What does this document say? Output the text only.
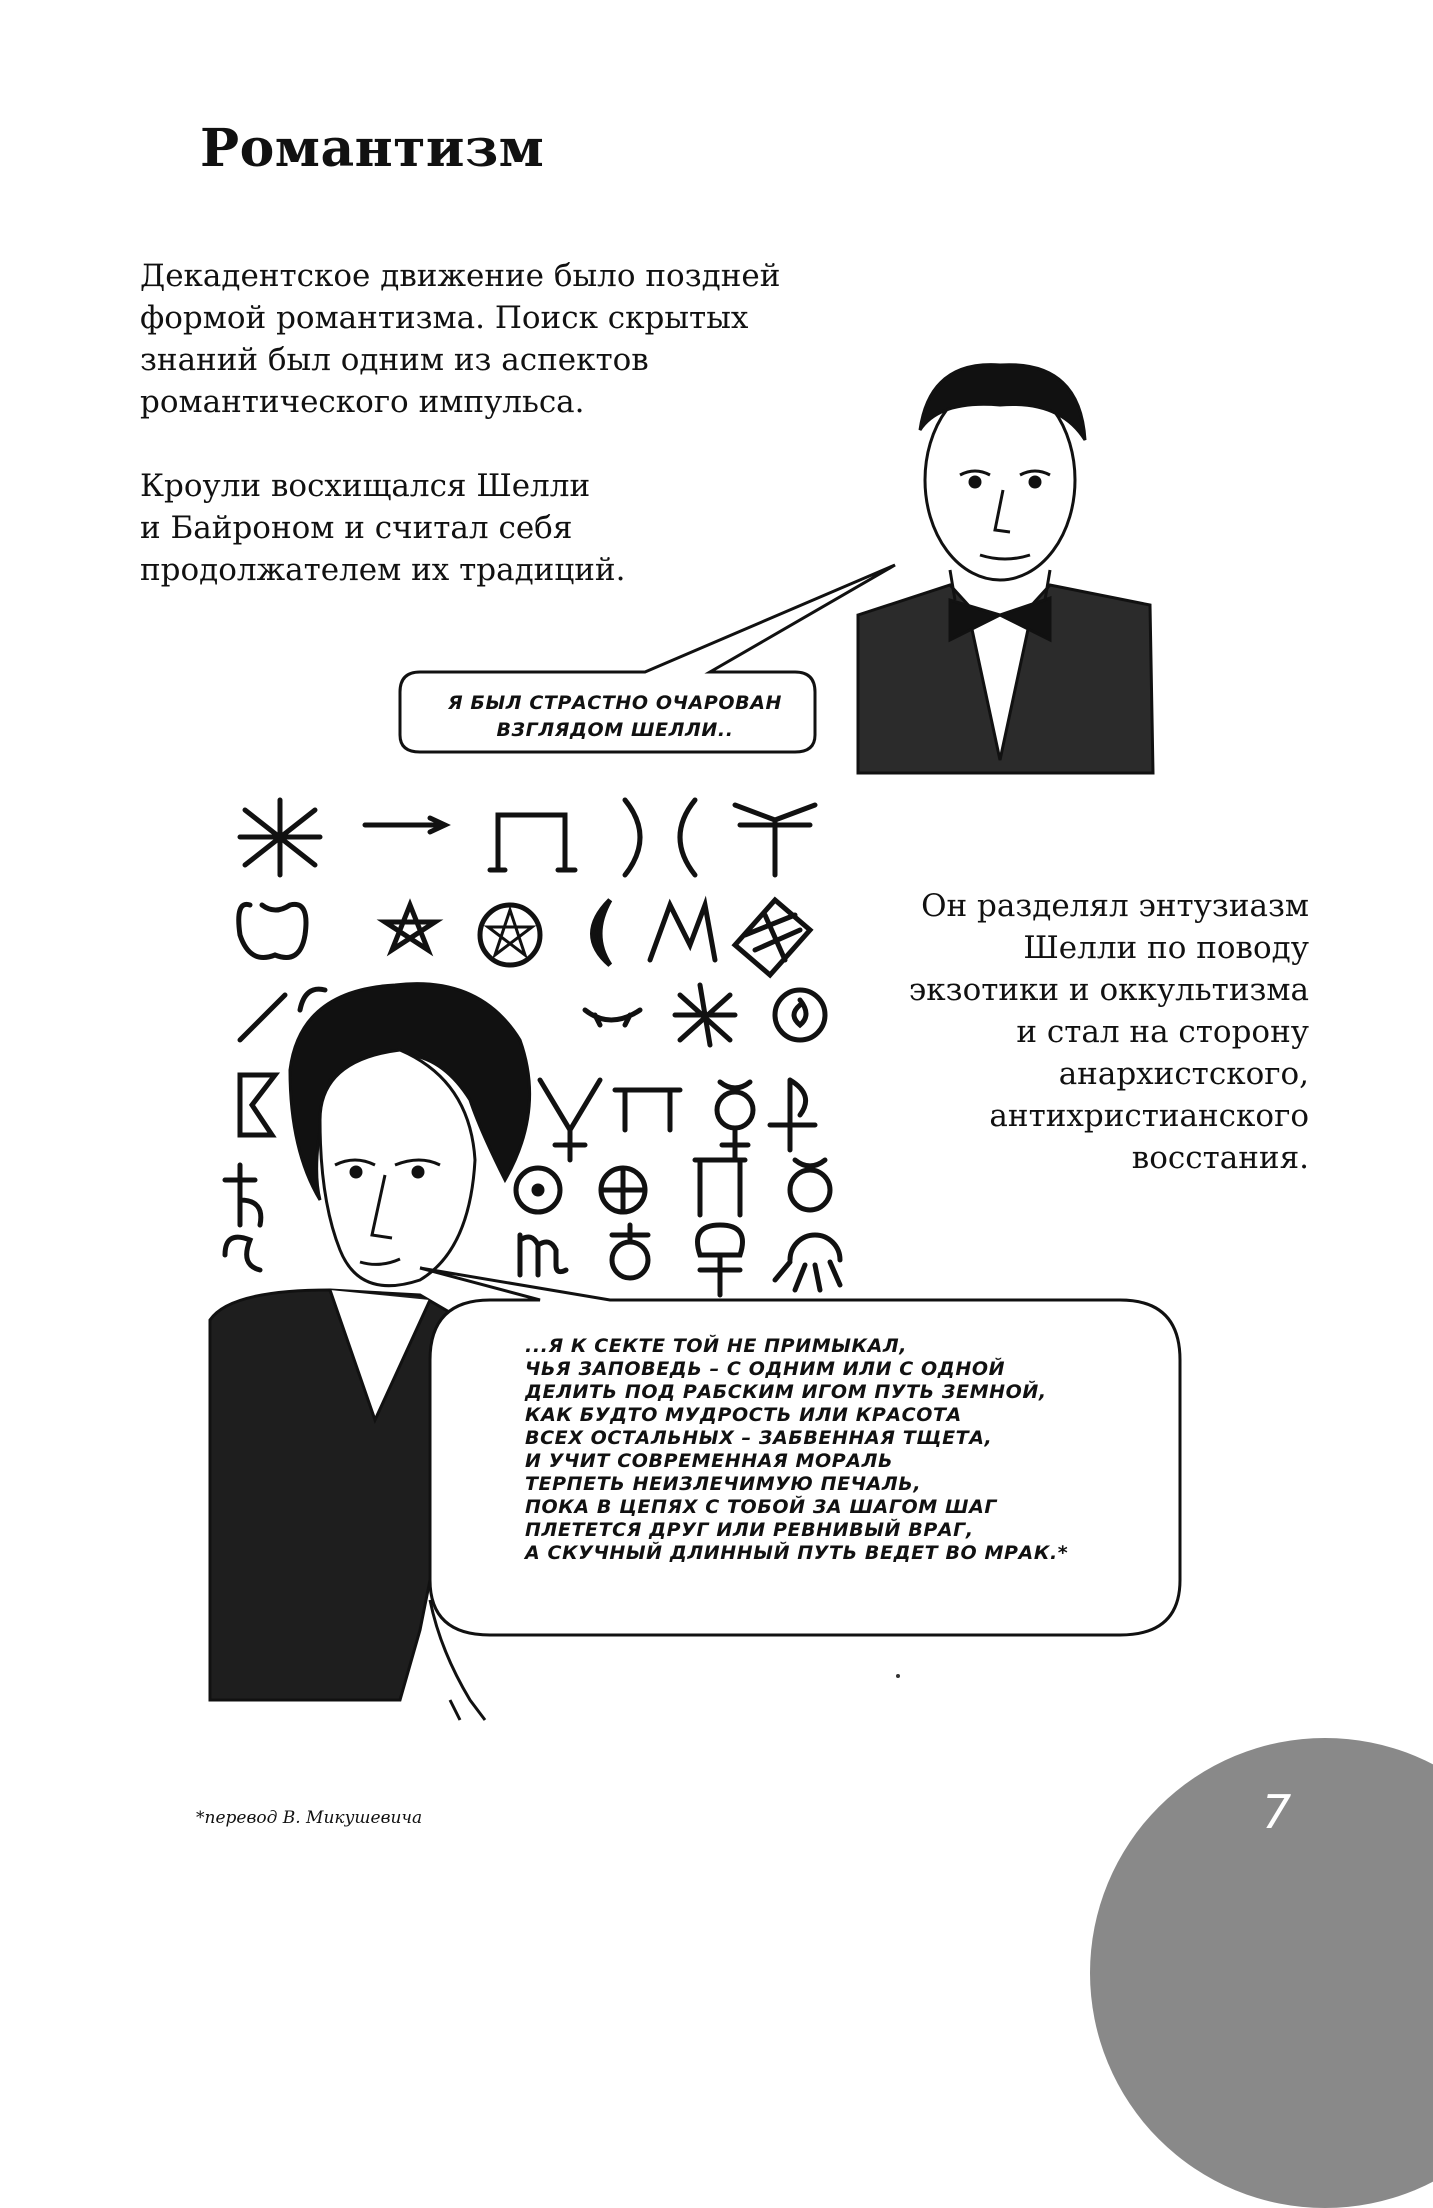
Романтизм
Декадентское движение было поздней
формой романтизма. Поиск скрытых
знаний был одним из аспектов
романтического импульса.
Кроули восхищался Шелли
и Байроном и считал себя
продолжателем их традиций.
Он разделял энтузиазм
Шелли по поводу
экзотики и оккультизма
и стал на сторону
анархистского,
антихристианского
восстания.
Я БЫЛ СТРАСТНО ОЧАРОВАН
ВЗГЛЯДОМ ШЕЛЛИ..
...Я К СЕКТЕ ТОЙ НЕ ПРИМЫКАЛ,
ЧЬЯ ЗАПОВЕДЬ – С ОДНИМ ИЛИ С ОДНОЙ
ДЕЛИТЬ ПОД РАБСКИМ ИГОМ ПУТЬ ЗЕМНОЙ,
КАК БУДТО МУДРОСТЬ ИЛИ КРАСОТА
ВСЕХ ОСТАЛЬНЫХ – ЗАБВЕННАЯ ТЩЕТА,
И УЧИТ СОВРЕМЕННАЯ МОРАЛЬ
ТЕРПЕТЬ НЕИЗЛЕЧИМУЮ ПЕЧАЛЬ,
ПОКА В ЦЕПЯХ С ТОБОЙ ЗА ШАГОМ ШАГ
ПЛЕТЕТСЯ ДРУГ ИЛИ РЕВНИВЫЙ ВРАГ,
А СКУЧНЫЙ ДЛИННЫЙ ПУТЬ ВЕДЕТ ВО МРАК.*

*перевод В. Микушевича	7
